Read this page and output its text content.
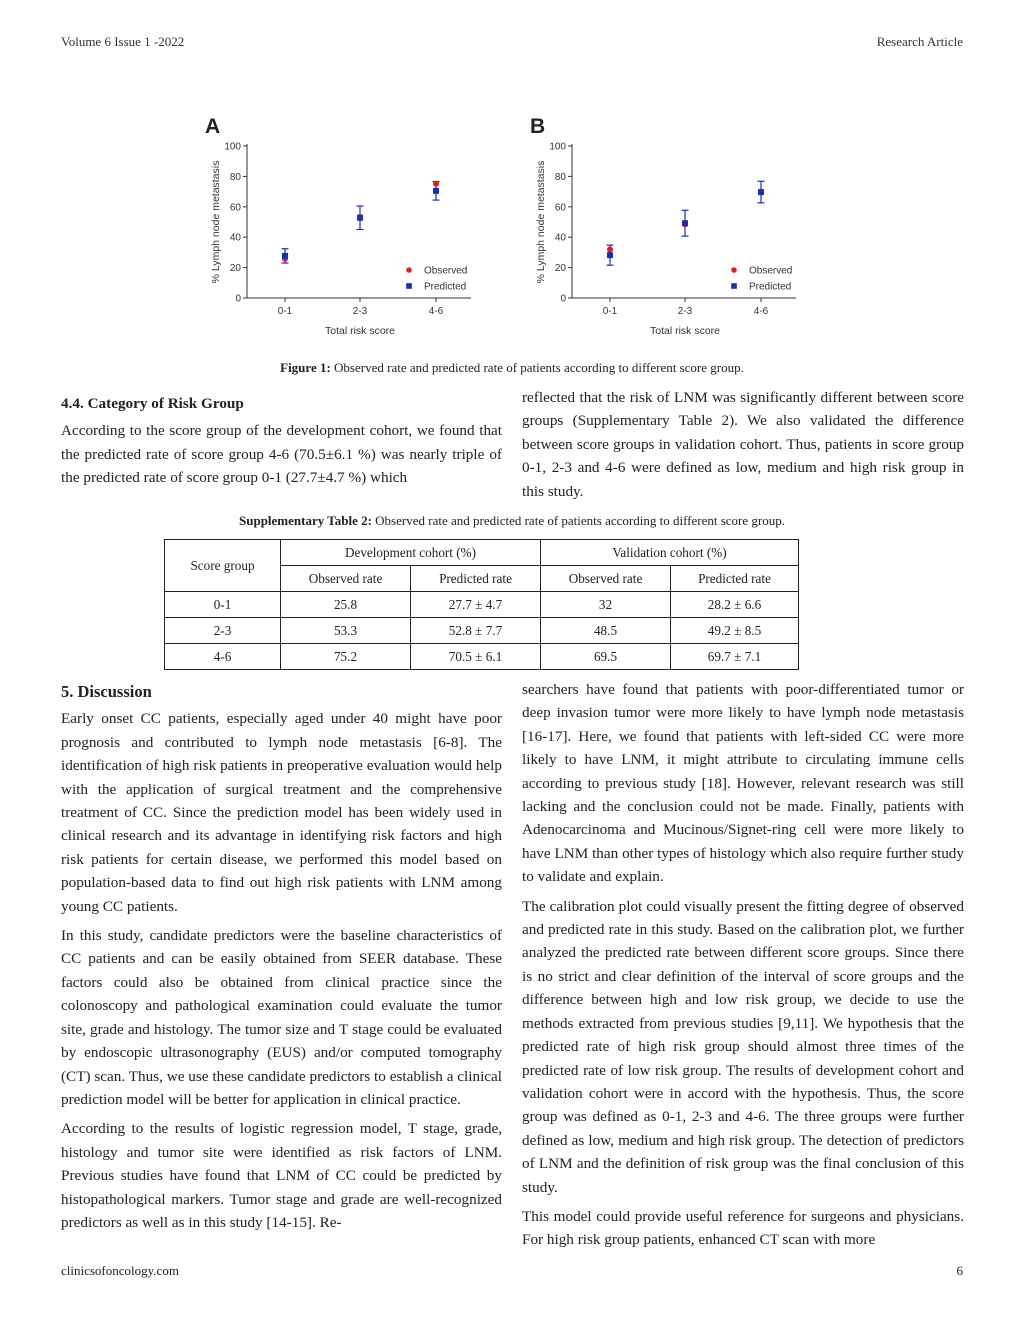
Volume 6 Issue 1 -2022	Research Article
A
0
20
40
60
80
100
0-1	2-3	4-6
Total risk score
% Lymph node metastasis	Observed
Predicted
B
0
20
40
60
80
100
0-1	2-3	4-6
Total risk score
% Lymph node metastasis	Observed
Predicted
Figure 1: Observed rate and predicted rate of patients according to different score group.
4.4. Category of Risk Group

According to the score group of the development cohort, we found that the predicted rate of score group 4-6 (70.5±6.1 %) was nearly triple of the predicted rate of score group 0-1 (27.7±4.7 %) which

reflected that the risk of LNM was significantly different between score groups (Supplementary Table 2). We also validated the difference between score groups in validation cohort. Thus, patients in score group 0-1, 2-3 and 4-6 were defined as low, medium and high risk group in this study.

Supplementary Table 2: Observed rate and predicted rate of patients according to different score group.
Score group	Development cohort (%)		Validation cohort (%)	
	Observed rate	Predicted rate	Observed rate	Predicted rate
0-1	25.8	27.7 ± 4.7	32	28.2 ± 6.6
2-3	53.3	52.8 ± 7.7	48.5	49.2 ± 8.5
4-6	75.2	70.5 ± 6.1	69.5	69.7 ± 7.1
5. Discussion

Early onset CC patients, especially aged under 40 might have poor prognosis and contributed to lymph node metastasis [6-8]. The identification of high risk patients in preoperative evaluation would help with the application of surgical treatment and the comprehensive treatment of CC. Since the prediction model has been widely used in clinical research and its advantage in identifying risk factors and high risk patients for certain disease, we performed this model based on population-based data to find out high risk patients with LNM among young CC patients.

In this study, candidate predictors were the baseline characteristics of CC patients and can be easily obtained from SEER database. These factors could also be obtained from clinical practice since the colonoscopy and pathological examination could evaluate the tumor site, grade and histology. The tumor size and T stage could be evaluated by endoscopic ultrasonography (EUS) and/or computed tomography (CT) scan. Thus, we use these candidate predictors to establish a clinical prediction model will be better for application in clinical practice.

According to the results of logistic regression model, T stage, grade, histology and tumor site were identified as risk factors of LNM. Previous studies have found that LNM of CC could be predicted by histopathological markers. Tumor stage and grade are well-recognized predictors as well as in this study [14-15]. Re-

searchers have found that patients with poor-differentiated tumor or deep invasion tumor were more likely to have lymph node metastasis [16-17]. Here, we found that patients with left-sided CC were more likely to have LNM, it might attribute to circulating immune cells according to previous study [18]. However, relevant research was still lacking and the conclusion could not be made. Finally, patients with Adenocarcinoma and Mucinous/Signet-ring cell were more likely to have LNM than other types of histology which also require further study to validate and explain.

The calibration plot could visually present the fitting degree of observed and predicted rate in this study. Based on the calibration plot, we further analyzed the predicted rate between different score groups. Since there is no strict and clear definition of the interval of score groups and the difference between high and low risk group, we decide to use the methods extracted from previous studies [9,11]. We hypothesis that the predicted rate of high risk group should almost three times of the predicted rate of low risk group. The results of development cohort and validation cohort were in accord with the hypothesis. Thus, the score group was defined as 0-1, 2-3 and 4-6. The three groups were further defined as low, medium and high risk group. The detection of predictors of LNM and the definition of risk group was the final conclusion of this study.

This model could provide useful reference for surgeons and physicians. For high risk group patients, enhanced CT scan with more

clinicsofoncology.com	6
